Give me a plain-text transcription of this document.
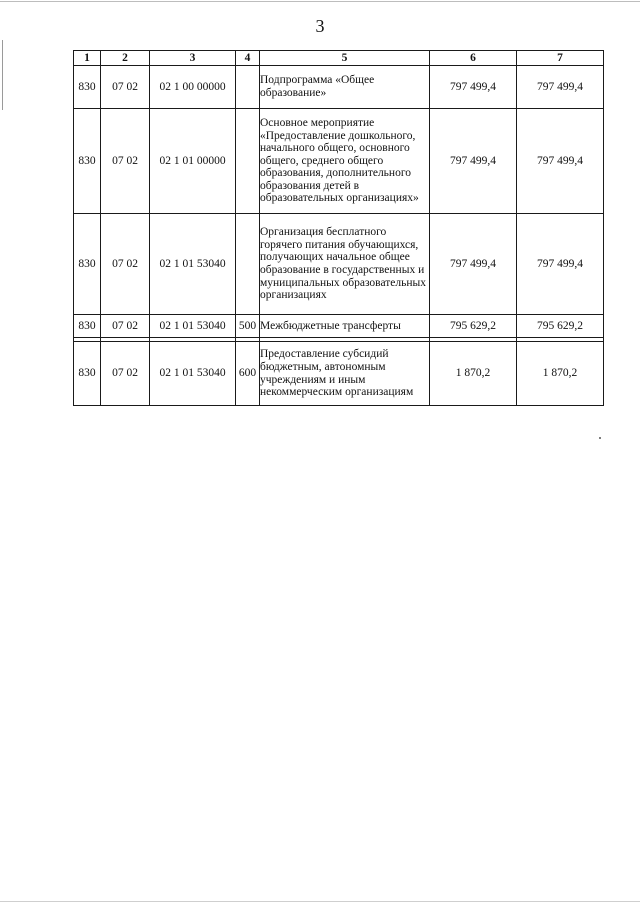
3
1	2	3	4	5	6	7
830	07 02	02 1 00 00000		Подпрограмма «Общее образование»	797 499,4	797 499,4
830	07 02	02 1 01 00000		Основное мероприятие «Предоставление дошкольного, начального общего, основного общего, среднего общего образования, дополнительного образования детей в образовательных организациях»	797 499,4	797 499,4
830	07 02	02 1 01 53040		Организация бесплатного горячего питания обучающихся, получающих начальное общее образование в государственных и муниципальных образовательных организациях	797 499,4	797 499,4
830	07 02	02 1 01 53040	500	Межбюджетные трансферты	795 629,2	795 629,2

830	07 02	02 1 01 53040	600	Предоставление субсидий бюджетным, автономным учреждениям и иным некоммерческим организациям	1 870,2	1 870,2
